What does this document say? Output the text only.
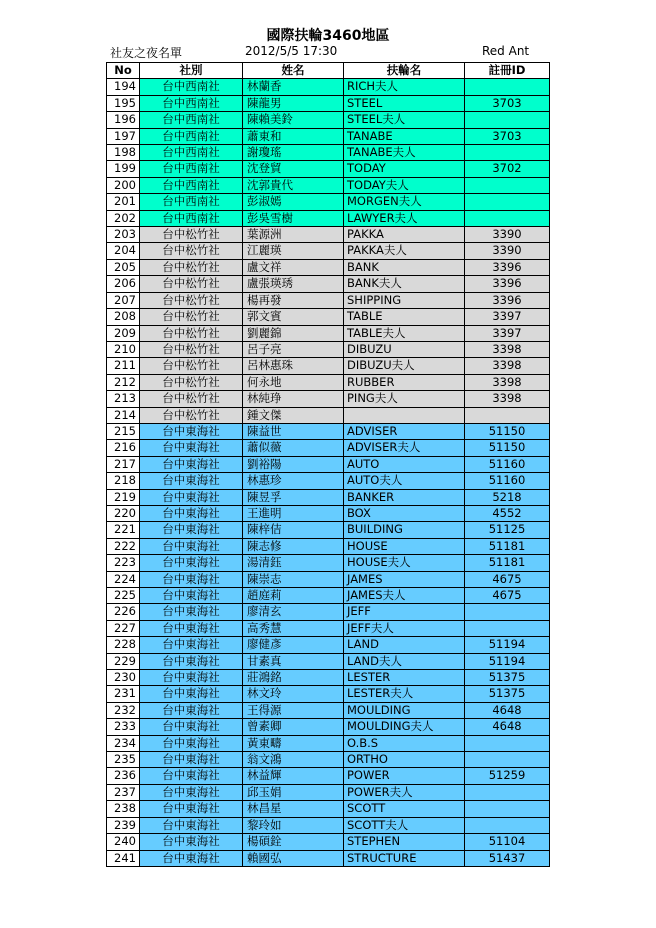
國際扶輪3460地區
社友之夜名單	2012/5/5 17:30	Red Ant
No	社別	姓名	扶輪名	註冊ID
194	台中西南社	林蘭香	RICH夫人	
195	台中西南社	陳龍男	STEEL	3703
196	台中西南社	陳賴美鈴	STEEL夫人	
197	台中西南社	蕭東和	TANABE	3703
198	台中西南社	謝瓊瑤	TANABE夫人	
199	台中西南社	沈登貿	TODAY	3702
200	台中西南社	沈郭貴代	TODAY夫人	
201	台中西南社	彭淑嫣	MORGEN夫人	
202	台中西南社	彭吳雪樹	LAWYER夫人	
203	台中松竹社	葉源洲	PAKKA	3390
204	台中松竹社	江麗瑛	PAKKA夫人	3390
205	台中松竹社	盧文祥	BANK	3396
206	台中松竹社	盧張瑛琇	BANK夫人	3396
207	台中松竹社	楊再發	SHIPPING	3396
208	台中松竹社	郭文賓	TABLE	3397
209	台中松竹社	劉麗錦	TABLE夫人	3397
210	台中松竹社	呂子亮	DIBUZU	3398
211	台中松竹社	呂林惠珠	DIBUZU夫人	3398
212	台中松竹社	何永地	RUBBER	3398
213	台中松竹社	林純琤	PING夫人	3398
214	台中松竹社	鍾文傑		
215	台中東海社	陳益世	ADVISER	51150
216	台中東海社	蕭似薇	ADVISER夫人	51150
217	台中東海社	劉裕陽	AUTO	51160
218	台中東海社	林惠珍	AUTO夫人	51160
219	台中東海社	陳昱孚	BANKER	5218
220	台中東海社	王進明	BOX	4552
221	台中東海社	陳梓佶	BUILDING	51125
222	台中東海社	陳志修	HOUSE	51181
223	台中東海社	湯清鈺	HOUSE夫人	51181
224	台中東海社	陳崇志	JAMES	4675
225	台中東海社	趙庭莉	JAMES夫人	4675
226	台中東海社	廖清玄	JEFF	
227	台中東海社	高秀慧	JEFF夫人	
228	台中東海社	廖健彥	LAND	51194
229	台中東海社	甘素真	LAND夫人	51194
230	台中東海社	莊鴻銘	LESTER	51375
231	台中東海社	林文玲	LESTER夫人	51375
232	台中東海社	王得源	MOULDING	4648
233	台中東海社	曾素卿	MOULDING夫人	4648
234	台中東海社	黃東疇	O.B.S	
235	台中東海社	翁文鴻	ORTHO	
236	台中東海社	林益輝	POWER	51259
237	台中東海社	邱玉娟	POWER夫人	
238	台中東海社	林昌星	SCOTT	
239	台中東海社	黎玲如	SCOTT夫人	
240	台中東海社	楊碩銓	STEPHEN	51104
241	台中東海社	賴國弘	STRUCTURE	51437
